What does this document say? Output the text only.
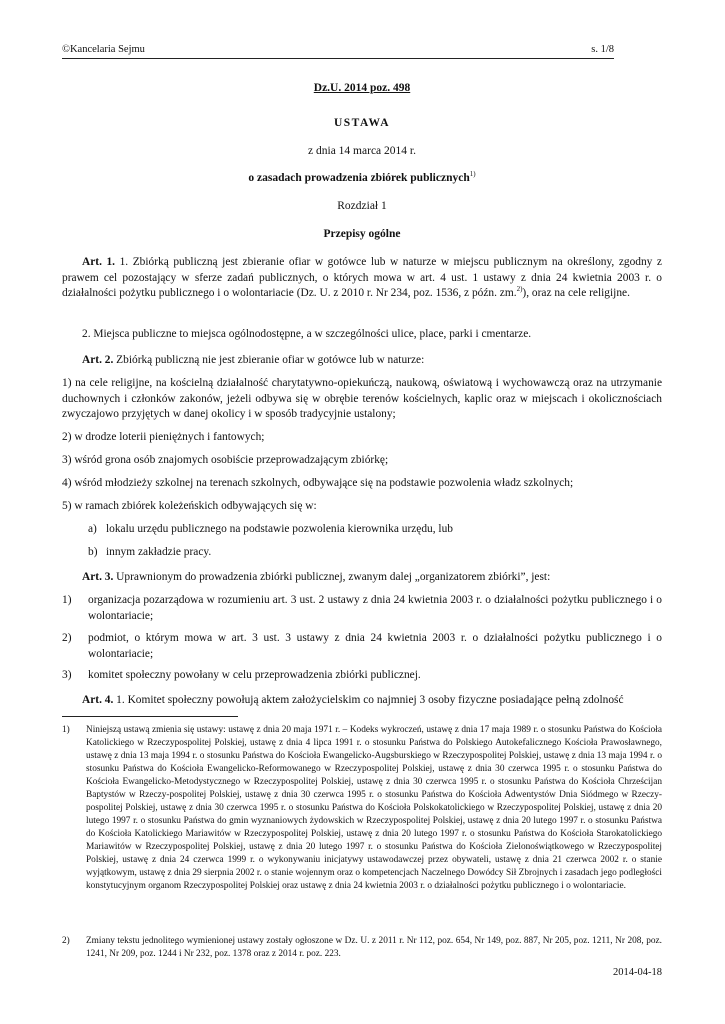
©Kancelaria Sejmu	s. 1/8
Dz.U. 2014 poz. 498
USTAWA
z dnia 14 marca 2014 r.
o zasadach prowadzenia zbiórek publicznych$^{1)}$
Rozdział 1
Przepisy ogólne
Art. 1. 1. Zbiórką publiczną jest zbieranie ofiar w gotówce lub w naturze w miejscu publicznym na określony, zgodny z prawem cel pozostający w sferze zadań publicznych, o których mowa w art. 4 ust. 1 ustawy z dnia 24 kwietnia 2003 r. o działalności pożytku publicznego i o wolontariacie (Dz. U. z 2010 r. Nr 234, poz. 1536, z późn. zm.$^{2)}$), oraz na cele religijne.
2. Miejsca publiczne to miejsca ogólnodostępne, a w szczególności ulice, place, parki i cmentarze.
Art. 2. Zbiórką publiczną nie jest zbieranie ofiar w gotówce lub w naturze:
1) na cele religijne, na kościelną działalność charytatywno-opiekuńczą, naukową, oświatową i wychowawczą oraz na utrzymanie duchownych i członków zakonów, jeżeli odbywa się w obrębie terenów kościelnych, kaplic oraz w miejscach i okolicznościach zwyczajowo przyjętych w danej okolicy i w sposób tradycyjnie ustalony;
2) w drodze loterii pieniężnych i fantowych;
3) wśród grona osób znajomych osobiście przeprowadzającym zbiórkę;
4) wśród młodzieży szkolnej na terenach szkolnych, odbywające się na podstawie pozwolenia władz szkolnych;
5) w ramach zbiórek koleżeńskich odbywających się w:
a) lokalu urzędu publicznego na podstawie pozwolenia kierownika urzędu, lub
b) innym zakładzie pracy.
Art. 3. Uprawnionym do prowadzenia zbiórki publicznej, zwanym dalej „organizatorem zbiórki”, jest:
1) organizacja pozarządowa w rozumieniu art. 3 ust. 2 ustawy z dnia 24 kwietnia 2003 r. o działalności pożytku publicznego i o wolontariacie;
2) podmiot, o którym mowa w art. 3 ust. 3 ustawy z dnia 24 kwietnia 2003 r. o działalności pożytku publicznego i o wolontariacie;
3) komitet społeczny powołany w celu przeprowadzenia zbiórki publicznej.
Art. 4. 1. Komitet społeczny powołują aktem założycielskim co najmniej 3 osoby fizyczne posiadające pełną zdolność
1) Niniejszą ustawą zmienia się ustawy: ustawę z dnia 20 maja 1971 r. – Kodeks wykroczeń, ustawę z dnia 17 maja 1989 r. o stosunku Państwa do Kościoła Katolickiego w Rzeczypospolitej Polskiej, ustawę z dnia 4 lipca 1991 r. o stosunku Państwa do Polskiego Autokefalicznego Kościoła Prawosławnego, ustawę z dnia 13 maja 1994 r. o stosunku Państwa do Kościoła Ewangelicko-Augsburskiego w Rzeczypospolitej Polskiej, ustawę z dnia 13 maja 1994 r. o stosunku Państwa do Kościoła Ewangelicko-Reformowanego w Rzeczypospolitej Polskiej, ustawę z dnia 30 czerwca 1995 r. o stosunku Państwa do Kościoła Ewangelicko-Metodystycznego w Rzeczypospolitej Polskiej, ustawę z dnia 30 czerwca 1995 r. o stosunku Państwa do Kościoła Chrześcijan Baptystów w Rzeczy-pospolitej Polskiej, ustawę z dnia 30 czerwca 1995 r. o stosunku Państwa do Kościoła Adwentystów Dnia Siódmego w Rzeczy-pospolitej Polskiej, ustawę z dnia 30 czerwca 1995 r. o stosunku Państwa do Kościoła Polskokatolickiego w Rzeczypospolitej Polskiej, ustawę z dnia 20 lutego 1997 r. o stosunku Państwa do gmin wyznaniowych żydowskich w Rzeczypospolitej Polskiej, ustawę z dnia 20 lutego 1997 r. o stosunku Państwa do Kościoła Katolickiego Mariawitów w Rzeczypospolitej Polskiej, ustawę z dnia 20 lutego 1997 r. o stosunku Państwa do Kościoła Starokatolickiego Mariawitów w Rzeczypospolitej Polskiej, ustawę z dnia 20 lutego 1997 r. o stosunku Państwa do Kościoła Zielonoświątkowego w Rzeczypospolitej Polskiej, ustawę z dnia 24 czerwca 1999 r. o wykonywaniu inicjatywy ustawodawczej przez obywateli, ustawę z dnia 21 czerwca 2002 r. o stanie wyjątkowym, ustawę z dnia 29 sierpnia 2002 r. o stanie wojennym oraz o kompetencjach Naczelnego Dowódcy Sił Zbrojnych i zasadach jego podległości konstytucyjnym organom Rzeczypospolitej Polskiej oraz ustawę z dnia 24 kwietnia 2003 r. o działalności pożytku publicznego i o wolontariacie.
2) Zmiany tekstu jednolitego wymienionej ustawy zostały ogłoszone w Dz. U. z 2011 r. Nr 112, poz. 654, Nr 149, poz. 887, Nr 205, poz. 1211, Nr 208, poz. 1241, Nr 209, poz. 1244 i Nr 232, poz. 1378 oraz z 2014 r. poz. 223.
2014-04-18
